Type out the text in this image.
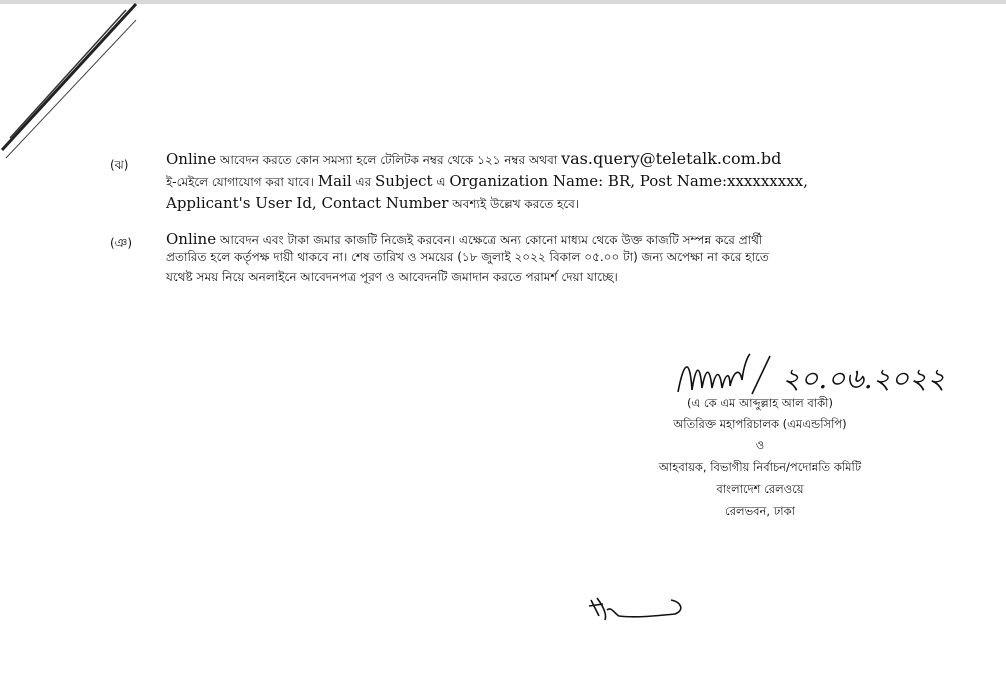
(ঝ)	Online আবেদন করতে কোন সমস্যা হলে টেলিটক নম্বর থেকে ১২১ নম্বর অথবা vas.query@teletalk.com.bd
ই-মেইলে যোগাযোগ করা যাবে। Mail এর Subject এ Organization Name: BR, Post Name:xxxxxxxxx,
Applicant's User Id, Contact Number অবশ্যই উল্লেখ করতে হবে।
(ঞ) Online আবেদন এবং টাকা জমার কাজটি নিজেই করবেন। এক্ষেত্রে অন্য কোনো মাধ্যম থেকে উক্ত কাজটি সম্পন্ন করে প্রার্থী
প্রতারিত হলে কর্তৃপক্ষ দায়ী থাকবে না। শেষ তারিখ ও সময়ের (১৮ জুলাই ২০২২ বিকাল ০৫.০০ টা) জন্য অপেক্ষা না করে হাতে
যথেষ্ট সময় নিয়ে অনলাইনে আবেদনপত্র পূরণ ও আবেদনটি জমাদান করতে পরামর্শ দেয়া যাচ্ছে।
২০.০৬.২০২২
(এ কে এম আব্দুল্লাহ আল বাকী)
অতিরিক্ত মহাপরিচালক (এমএন্ডসিপি)
ও
আহবায়ক, বিভাগীয় নির্বাচন/পদোন্নতি কমিটি
বাংলাদেশ রেলওয়ে
রেলভবন, ঢাকা
